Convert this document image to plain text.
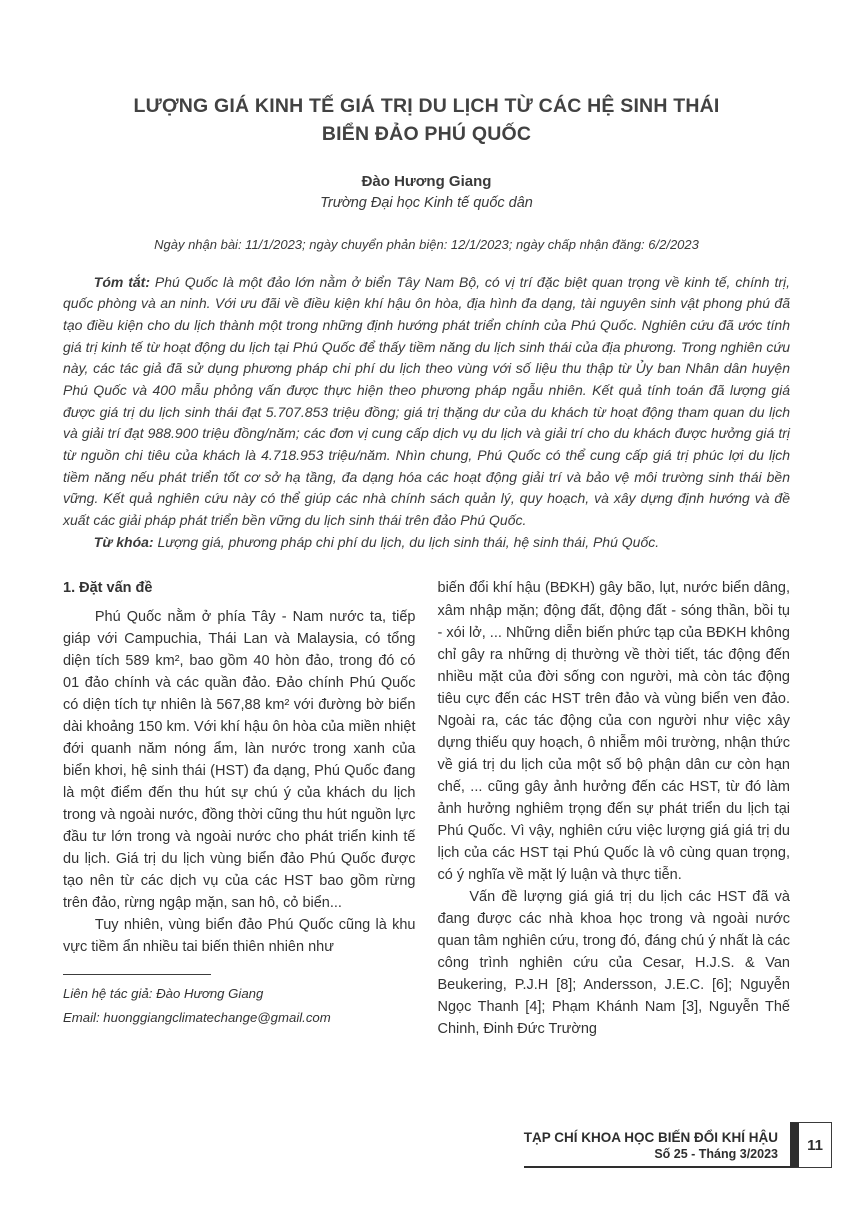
LƯỢNG GIÁ KINH TẾ GIÁ TRỊ DU LỊCH TỪ CÁC HỆ SINH THÁI
BIỂN ĐẢO PHÚ QUỐC
Đào Hương Giang
Trường Đại học Kinh tế quốc dân
Ngày nhận bài: 11/1/2023; ngày chuyển phản biện: 12/1/2023; ngày chấp nhận đăng: 6/2/2023

Tóm tắt: Phú Quốc là một đảo lớn nằm ở biển Tây Nam Bộ, có vị trí đặc biệt quan trọng về kinh tế, chính trị, quốc phòng và an ninh. Với ưu đãi về điều kiện khí hậu ôn hòa, địa hình đa dạng, tài nguyên sinh vật phong phú đã tạo điều kiện cho du lịch thành một trong những định hướng phát triển chính của Phú Quốc. Nghiên cứu đã ước tính giá trị kinh tế từ hoạt động du lịch tại Phú Quốc để thấy tiềm năng du lịch sinh thái của địa phương. Trong nghiên cứu này, các tác giả đã sử dụng phương pháp chi phí du lịch theo vùng với số liệu thu thập từ Ủy ban Nhân dân huyện Phú Quốc và 400 mẫu phỏng vấn được thực hiện theo phương pháp ngẫu nhiên. Kết quả tính toán đã lượng giá được giá trị du lịch sinh thái đạt 5.707.853 triệu đồng; giá trị thặng dư của du khách từ hoạt động tham quan du lịch và giải trí đạt 988.900 triệu đồng/năm; các đơn vị cung cấp dịch vụ du lịch và giải trí cho du khách được hưởng giá trị từ nguồn chi tiêu của khách là 4.718.953 triệu/năm. Nhìn chung, Phú Quốc có thể cung cấp giá trị phúc lợi du lịch tiềm năng nếu phát triển tốt cơ sở hạ tầng, đa dạng hóa các hoạt động giải trí và bảo vệ môi trường sinh thái bền vững. Kết quả nghiên cứu này có thể giúp các nhà chính sách quản lý, quy hoạch, và xây dựng định hướng và đề xuất các giải pháp phát triển bền vững du lịch sinh thái trên đảo Phú Quốc.

Từ khóa: Lượng giá, phương pháp chi phí du lịch, du lịch sinh thái, hệ sinh thái, Phú Quốc.

1. Đặt vấn đề

Phú Quốc nằm ở phía Tây - Nam nước ta, tiếp giáp với Campuchia, Thái Lan và Malaysia, có tổng diện tích 589 km², bao gồm 40 hòn đảo, trong đó có 01 đảo chính và các quần đảo. Đảo chính Phú Quốc có diện tích tự nhiên là 567,88 km² với đường bờ biển dài khoảng 150 km. Với khí hậu ôn hòa của miền nhiệt đới quanh năm nóng ẩm, làn nước trong xanh của biển khơi, hệ sinh thái (HST) đa dạng, Phú Quốc đang là một điểm đến thu hút sự chú ý của khách du lịch trong và ngoài nước, đồng thời cũng thu hút nguồn lực đầu tư lớn trong và ngoài nước cho phát triển kinh tế du lịch. Giá trị du lịch vùng biển đảo Phú Quốc được tạo nên từ các dịch vụ của các HST bao gồm rừng trên đảo, rừng ngập mặn, san hô, cỏ biển...

Tuy nhiên, vùng biển đảo Phú Quốc cũng là khu vực tiềm ẩn nhiều tai biến thiên nhiên như

Liên hệ tác giả: Đào Hương Giang
Email: huonggiangclimatechange@gmail.com

biến đổi khí hậu (BĐKH) gây bão, lụt, nước biển dâng, xâm nhập mặn; động đất, động đất - sóng thần, bồi tụ - xói lở, ... Những diễn biến phức tạp của BĐKH không chỉ gây ra những dị thường về thời tiết, tác động đến nhiều mặt của đời sống con người, mà còn tác động tiêu cực đến các HST trên đảo và vùng biển ven đảo. Ngoài ra, các tác động của con người như việc xây dựng thiếu quy hoạch, ô nhiễm môi trường, nhận thức về giá trị du lịch của một số bộ phận dân cư còn hạn chế, ... cũng gây ảnh hưởng đến các HST, từ đó làm ảnh hưởng nghiêm trọng đến sự phát triển du lịch tại Phú Quốc. Vì vậy, nghiên cứu việc lượng giá giá trị du lịch của các HST tại Phú Quốc là vô cùng quan trọng, có ý nghĩa về mặt lý luận và thực tiễn.

Vấn đề lượng giá giá trị du lịch các HST đã và đang được các nhà khoa học trong và ngoài nước quan tâm nghiên cứu, trong đó, đáng chú ý nhất là các công trình nghiên cứu của Cesar, H.J.S. & Van Beukering, P.J.H [8]; Andersson, J.E.C. [6]; Nguyễn Ngọc Thanh [4]; Phạm Khánh Nam [3], Nguyễn Thế Chinh, Đinh Đức Trường

TẠP CHÍ KHOA HỌC BIẾN ĐỔI KHÍ HẬU
Số 25 - Tháng 3/2023
11
